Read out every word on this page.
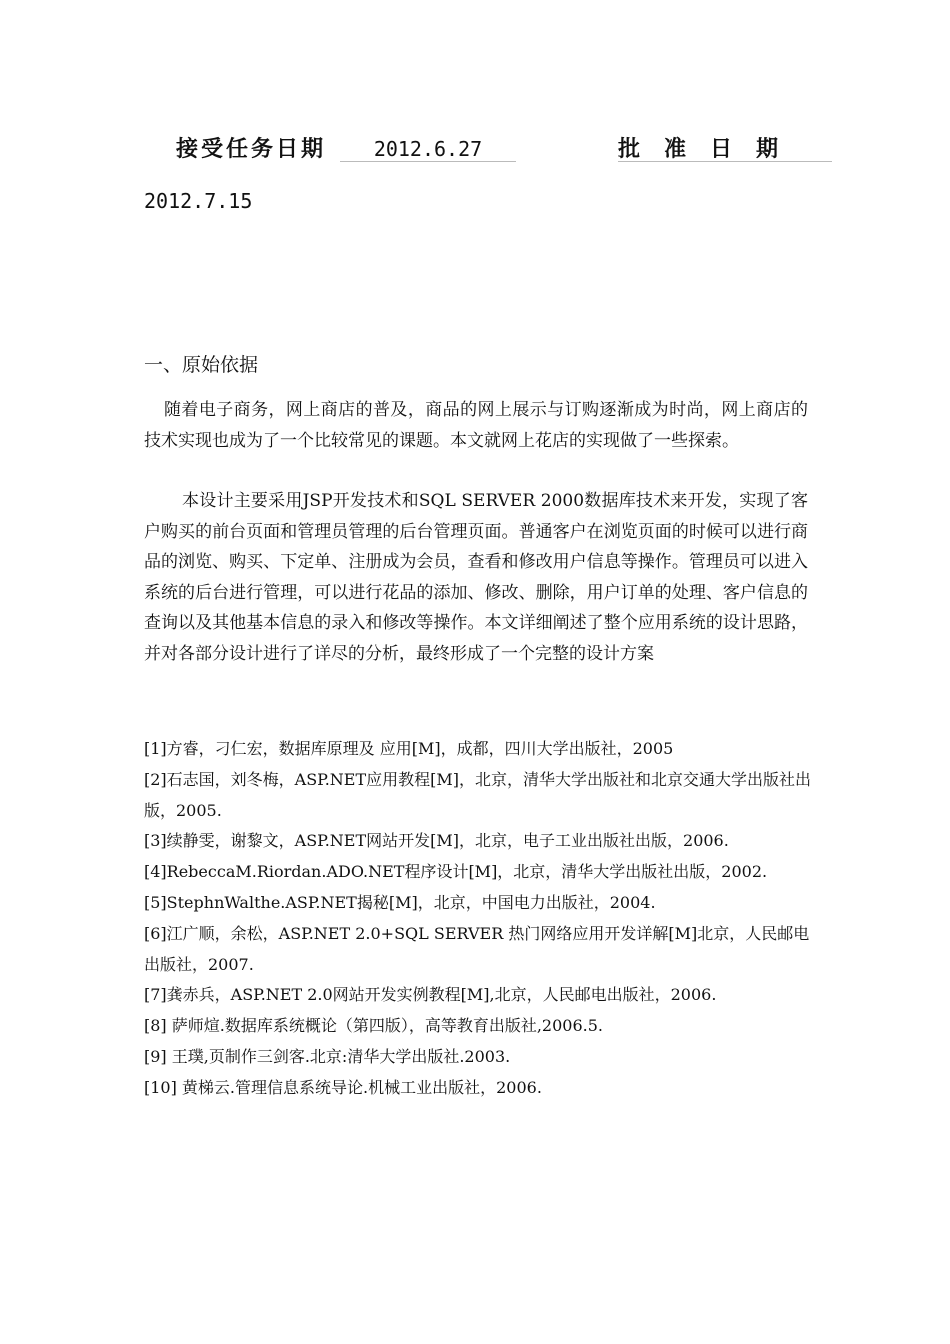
接受任务日期	2012.6.27	批 准 日 期
2012.7.15
一、原始依据
随着电子商务，网上商店的普及，商品的网上展示与订购逐渐成为时尚，网上商店的技术实现也成为了一个比较常见的课题。本文就网上花店的实现做了一些探索。
本设计主要采用JSP开发技术和SQL SERVER 2000数据库技术来开发，实现了客户购买的前台页面和管理员管理的后台管理页面。普通客户在浏览页面的时候可以进行商品的浏览、购买、下定单、注册成为会员，查看和修改用户信息等操作。管理员可以进入系统的后台进行管理，可以进行花品的添加、修改、删除，用户订单的处理、客户信息的查询以及其他基本信息的录入和修改等操作。本文详细阐述了整个应用系统的设计思路，并对各部分设计进行了详尽的分析，最终形成了一个完整的设计方案
[1]方睿，刁仁宏，数据库原理及 应用[M]，成都，四川大学出版社，2005
[2]石志国，刘冬梅，ASP.NET应用教程[M]，北京，清华大学出版社和北京交通大学出版社出版，2005.
[3]续静雯，谢黎文，ASP.NET网站开发[M]，北京，电子工业出版社出版，2006.
[4]RebeccaM.Riordan.ADO.NET程序设计[M]，北京，清华大学出版社出版，2002.
[5]StephnWalthe.ASP.NET揭秘[M]，北京，中国电力出版社，2004.
[6]江广顺，余松，ASP.NET 2.0+SQL SERVER 热门网络应用开发详解[M]北京，人民邮电出版社，2007.
[7]龚赤兵，ASP.NET 2.0网站开发实例教程[M],北京，人民邮电出版社，2006.
[8] 萨师煊.数据库系统概论（第四版），高等教育出版社,2006.5.
[9] 王璞,页制作三剑客.北京:清华大学出版社.2003.
[10] 黄梯云.管理信息系统导论.机械工业出版社，2006.
